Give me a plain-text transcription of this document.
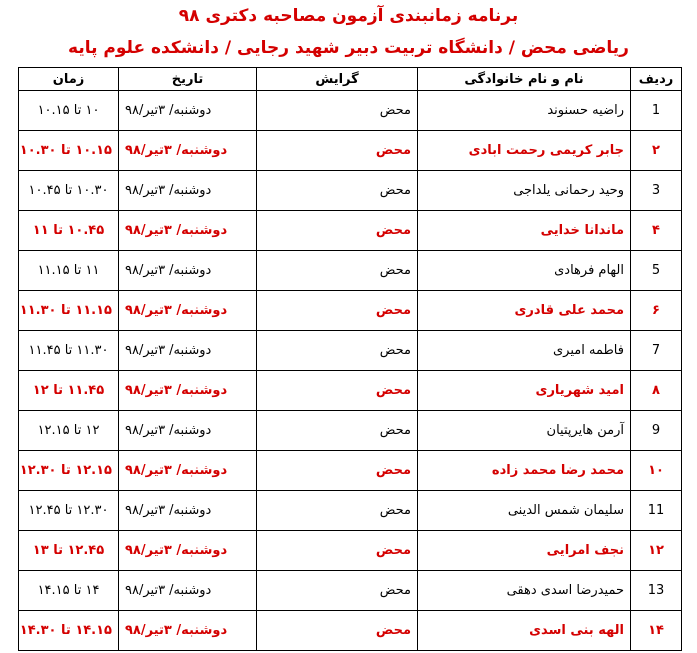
برنامه زمانبندی آزمون مصاحبه دکتری ۹۸
ریاضی محض / دانشگاه تربیت دبیر شهید رجایی / دانشکده علوم پایه
ردیف	نام و نام خانوادگی	گرایش	تاریخ	زمان
1	راضیه حسنوند	محض	دوشنبه/ ۳تیر/۹۸	۱۰ تا ۱۰.۱۵
۲	جابر کریمی رحمت ابادی	محض	دوشنبه/ ۳تیر/۹۸	۱۰.۱۵ تا ۱۰.۳۰
3	وحید رحمانی یلداجی	محض	دوشنبه/ ۳تیر/۹۸	۱۰.۳۰ تا ۱۰.۴۵
۴	ماندانا خدایی	محض	دوشنبه/ ۳تیر/۹۸	۱۰.۴۵ تا ۱۱
5	الهام فرهادی	محض	دوشنبه/ ۳تیر/۹۸	۱۱ تا ۱۱.۱۵
۶	محمد علی قادری	محض	دوشنبه/ ۳تیر/۹۸	۱۱.۱۵ تا ۱۱.۳۰
7	فاطمه امیری	محض	دوشنبه/ ۳تیر/۹۸	۱۱.۳۰ تا ۱۱.۴۵
۸	امید شهریاری	محض	دوشنبه/ ۳تیر/۹۸	۱۱.۴۵ تا ۱۲
9	آرمن هایرپتیان	محض	دوشنبه/ ۳تیر/۹۸	۱۲ تا ۱۲.۱۵
۱۰	محمد رضا محمد زاده	محض	دوشنبه/ ۳تیر/۹۸	۱۲.۱۵ تا ۱۲.۳۰
11	سلیمان شمس الدینی	محض	دوشنبه/ ۳تیر/۹۸	۱۲.۳۰ تا ۱۲.۴۵
۱۲	نجف امرایی	محض	دوشنبه/ ۳تیر/۹۸	۱۲.۴۵ تا ۱۳
13	حمیدرضا اسدی دهقی	محض	دوشنبه/ ۳تیر/۹۸	۱۴ تا ۱۴.۱۵
۱۴	الهه بنی اسدی	محض	دوشنبه/ ۳تیر/۹۸	۱۴.۱۵ تا ۱۴.۳۰
